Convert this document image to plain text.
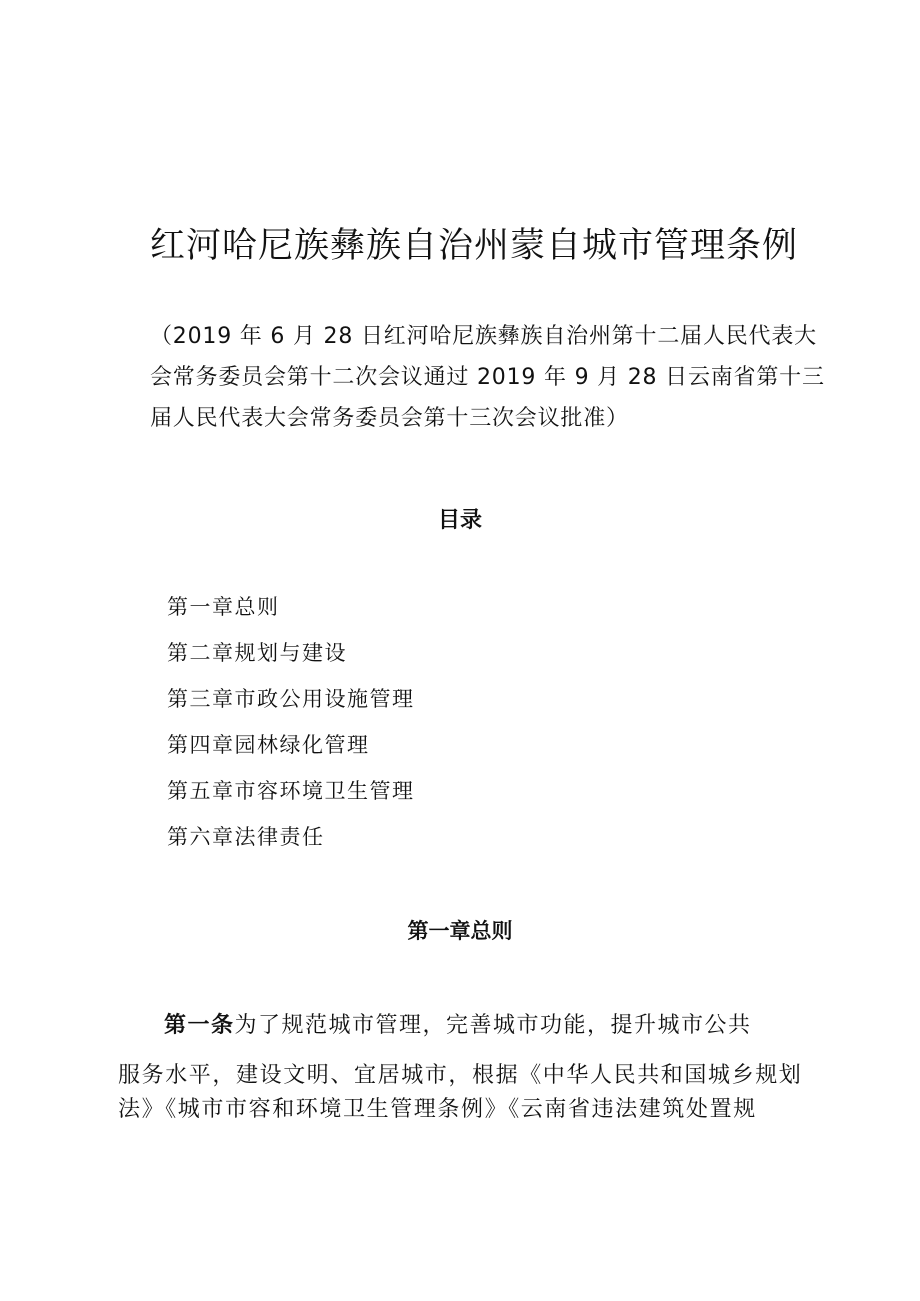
红河哈尼族彝族自治州蒙自城市管理条例

（2019 年 6 月 28 日红河哈尼族彝族自治州第十二届人民代表大
会常务委员会第十二次会议通过 2019 年 9 月 28 日云南省第十三
届人民代表大会常务委员会第十三次会议批准）

目录
第一章总则
第二章规划与建设
第三章市政公用设施管理
第四章园林绿化管理
第五章市容环境卫生管理
第六章法律责任
第一章总则
第一条为了规范城市管理，完善城市功能，提升城市公共
服务水平，建设文明、宜居城市，根据《中华人民共和国城乡规划
法》《城市市容和环境卫生管理条例》《云南省违法建筑处置规
